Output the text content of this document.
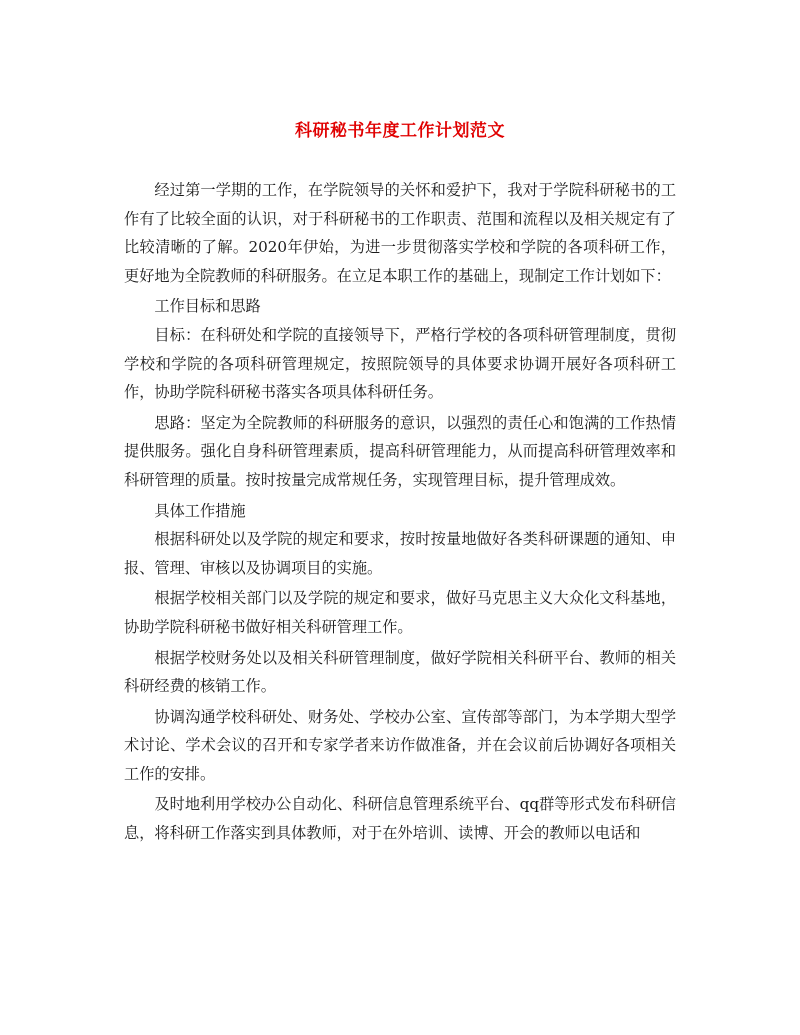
科研秘书年度工作计划范文

经过第一学期的工作，在学院领导的关怀和爱护下，我对于学院科研秘书的工作有了比较全面的认识，对于科研秘书的工作职责、范围和流程以及相关规定有了比较清晰的了解。2020年伊始，为进一步贯彻落实学校和学院的各项科研工作，更好地为全院教师的科研服务。在立足本职工作的基础上，现制定工作计划如下：

工作目标和思路

目标：在科研处和学院的直接领导下，严格行学校的各项科研管理制度，贯彻学校和学院的各项科研管理规定，按照院领导的具体要求协调开展好各项科研工作，协助学院科研秘书落实各项具体科研任务。

思路：坚定为全院教师的科研服务的意识，以强烈的责任心和饱满的工作热情提供服务。强化自身科研管理素质，提高科研管理能力，从而提高科研管理效率和科研管理的质量。按时按量完成常规任务，实现管理目标，提升管理成效。

具体工作措施

根据科研处以及学院的规定和要求，按时按量地做好各类科研课题的通知、申报、管理、审核以及协调项目的实施。

根据学校相关部门以及学院的规定和要求，做好马克思主义大众化文科基地，协助学院科研秘书做好相关科研管理工作。

根据学校财务处以及相关科研管理制度，做好学院相关科研平台、教师的相关科研经费的核销工作。

协调沟通学校科研处、财务处、学校办公室、宣传部等部门，为本学期大型学术讨论、学术会议的召开和专家学者来访作做准备，并在会议前后协调好各项相关工作的安排。

及时地利用学校办公自动化、科研信息管理系统平台、qq群等形式发布科研信息，将科研工作落实到具体教师，对于在外培训、读博、开会的教师以电话和
